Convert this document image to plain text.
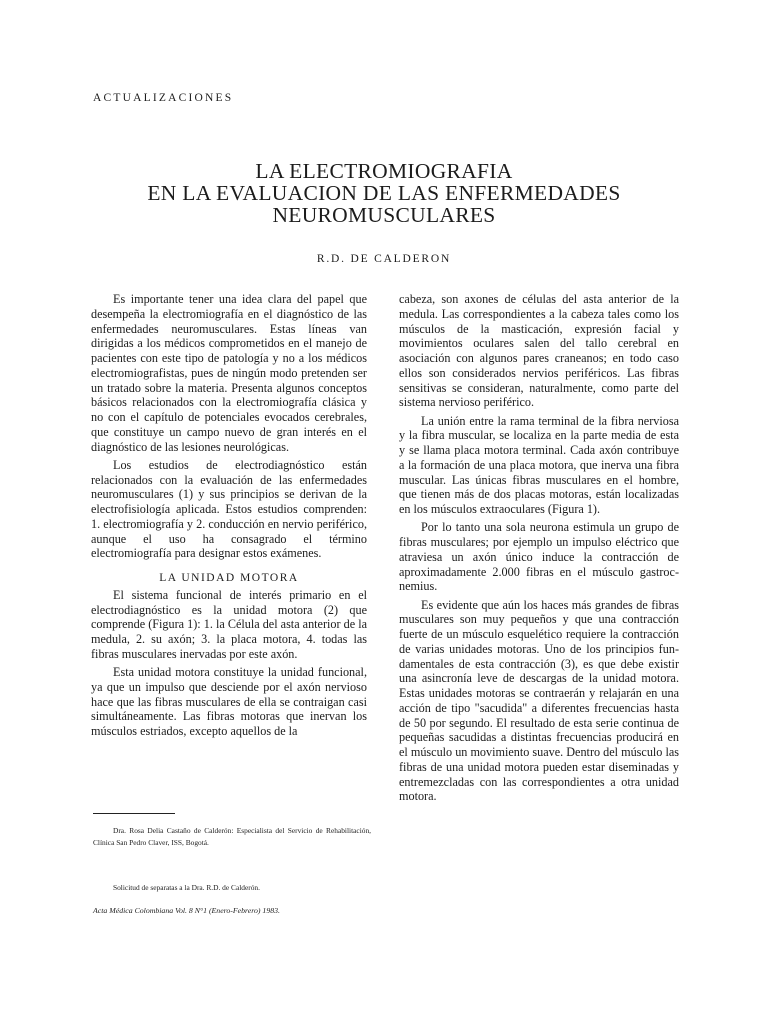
ACTUALIZACIONES
LA ELECTROMIOGRAFIA
EN LA EVALUACION DE LAS ENFERMEDADES
NEUROMUSCULARES
R.D. DE CALDERON

Es importante tener una idea clara del papel que desempeña la electromiografía en el diagnóstico de las enfermedades neuromusculares. Estas líneas van dirigidas a los médicos comprometidos en el manejo de pacientes con este tipo de patología y no a los médicos electromiografistas, pues de ningún modo pretenden ser un tratado sobre la materia. Presenta algunos conceptos básicos relacionados con la electromiografía clásica y no con el capítulo de potenciales evocados cerebrales, que constituye un campo nuevo de gran interés en el diagnóstico de las lesiones neurológicas.

Los estudios de electrodiagnóstico están relacionados con la evaluación de las enfermedades neuromusculares (1) y sus principios se derivan de la electrofisiología aplicada. Estos estudios comprenden: 1. electromiografía y 2. conducción en nervio periférico, aunque el uso ha consagrado el término electromiografía para designar estos exámenes.

LA UNIDAD MOTORA

El sistema funcional de interés primario en el electrodiagnóstico es la unidad motora (2) que comprende (Figura 1): 1. la Célula del asta anterior de la medula, 2. su axón; 3. la placa motora, 4. todas las fibras musculares inervadas por este axón.

Esta unidad motora constituye la unidad funcional, ya que un impulso que desciende por el axón nervioso hace que las fibras musculares de ella se contraigan casi simultáneamente. Las fibras motoras que inervan los músculos estriados, excepto aquellos de la

cabeza, son axones de células del asta anterior de la medula. Las correspondientes a la cabeza tales como los músculos de la masticación, expresión facial y movimientos oculares salen del tallo cerebral en asociación con algunos pares craneanos; en todo caso ellos son considerados nervios periféricos. Las fibras sensitivas se consideran, naturalmente, como parte del sistema nervioso periférico.

La unión entre la rama terminal de la fibra nerviosa y la fibra muscular, se localiza en la parte media de esta y se llama placa motora terminal. Cada axón contribuye a la formación de una placa motora, que inerva una fibra muscular. Las únicas fibras musculares en el hombre, que tienen más de dos placas motoras, están localizadas en los músculos extraoculares (Figura 1).

Por lo tanto una sola neurona estimula un grupo de fibras musculares; por ejemplo un impulso eléctrico que atraviesa un axón único induce la contracción de aproximadamente 2.000 fibras en el músculo gastrocnemius.

Es evidente que aún los haces más grandes de fibras musculares son muy pequeños y que una contracción fuerte de un músculo esquelético requiere la contracción de varias unidades motoras. Uno de los principios fundamentales de esta contracción (3), es que debe existir una asincronía leve de descargas de la unidad motora. Estas unidades motoras se contraerán y relajarán en una acción de tipo "sacudida" a diferentes frecuencias hasta de 50 por segundo. El resultado de esta serie continua de pequeñas sacudidas a distintas frecuencias producirá en el músculo un movimiento suave. Dentro del músculo las fibras de una unidad motora pueden estar diseminadas y entremezcladas con las correspondientes a otra unidad motora.

Dra. Rosa Delia Castaño de Calderón: Especialista del Servicio de Rehabilitación, Clínica San Pedro Claver, ISS, Bogotá.
Solicitud de separatas a la Dra. R.D. de Calderón.
Acta Médica Colombiana Vol. 8 N°1 (Enero-Febrero) 1983.
